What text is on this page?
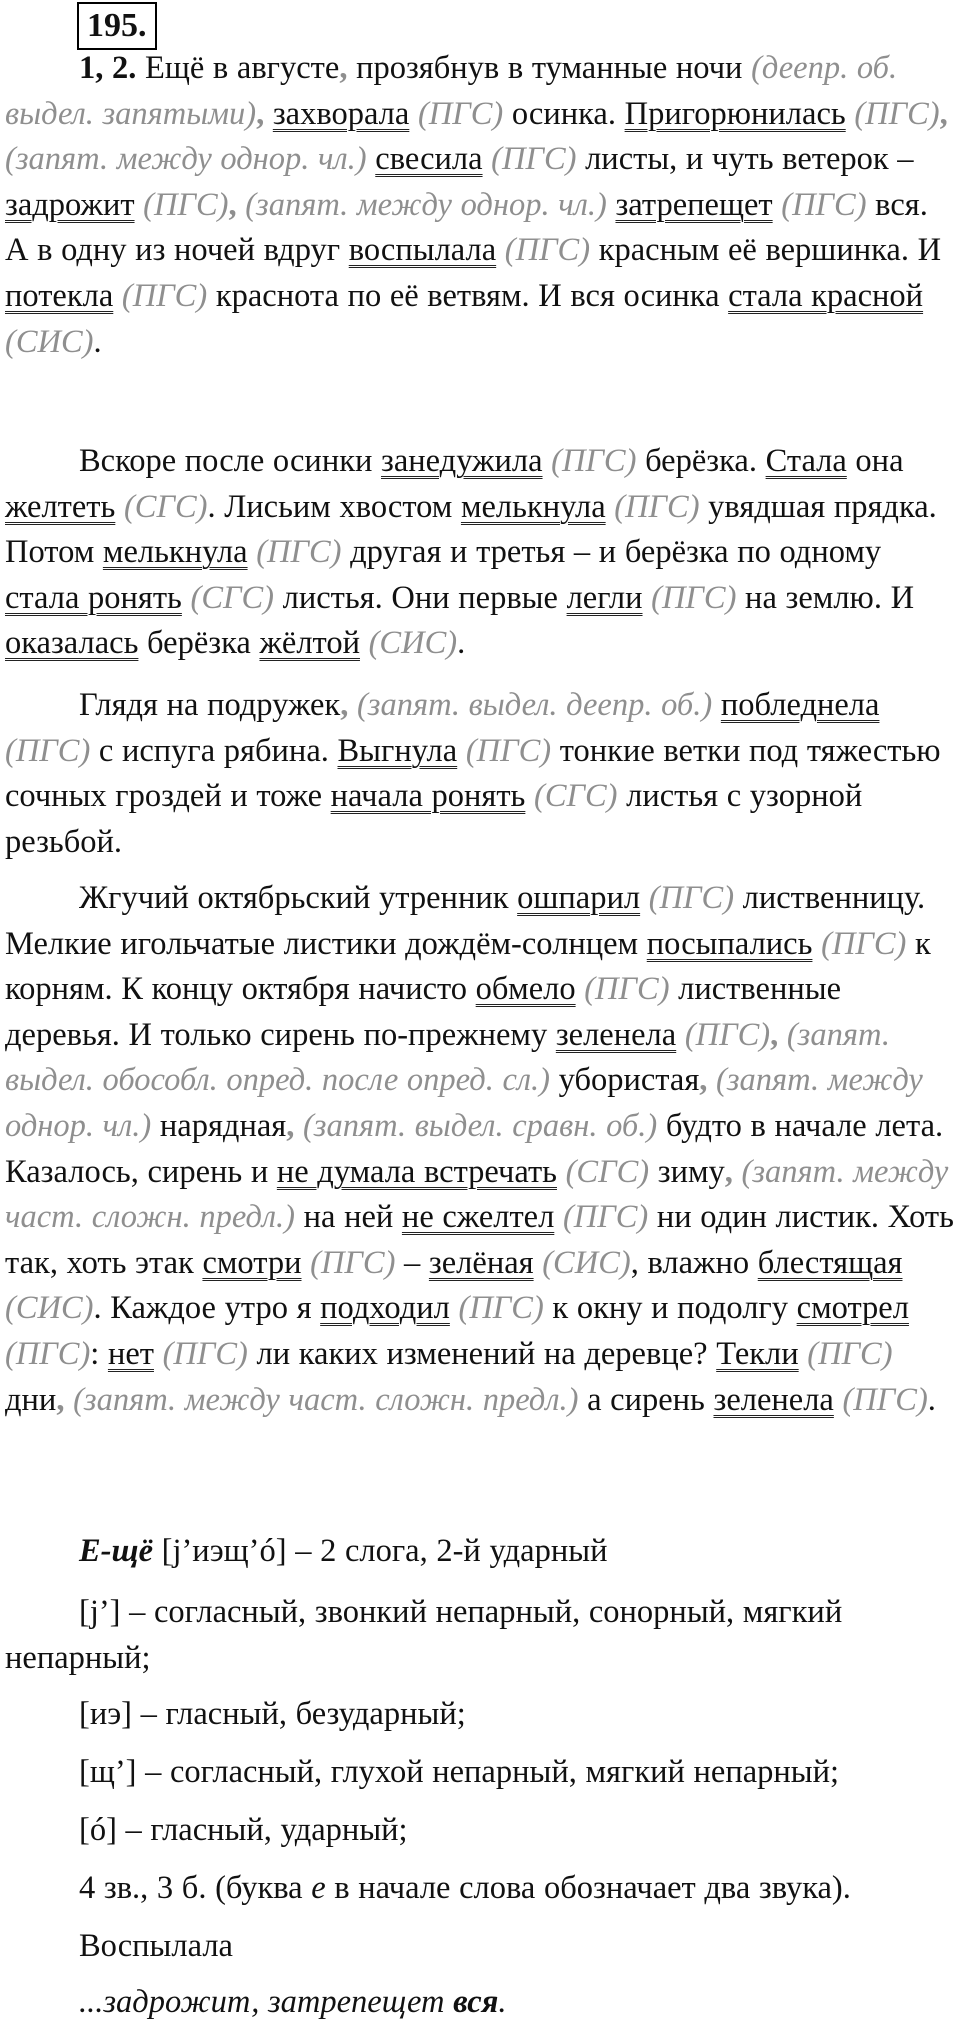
195.

1, 2. Ещё в августе, прозябнув в туманные ночи (деепр. об. выдел. запятыми), захворала (ПГС) осинка. Пригорюнилась (ПГС), (запят. между однор. чл.) свесила (ПГС) листы, и чуть ветерок – задрожит (ПГС), (запят. между однор. чл.) затрепещет (ПГС) вся. А в одну из ночей вдруг воспылала (ПГС) красным её вершинка. И потекла (ПГС) краснота по её ветвям. И вся осинка стала красной (СИС).

Вскоре после осинки занедужила (ПГС) берёзка. Стала она желтеть (СГС). Лисьим хвостом мелькнула (ПГС) увядшая прядка. Потом мелькнула (ПГС) другая и третья – и берёзка по одному стала ронять (СГС) листья. Они первые легли (ПГС) на землю. И оказалась берёзка жёлтой (СИС).

Глядя на подружек, (запят. выдел. деепр. об.) побледнела (ПГС) с испуга рябина. Выгнула (ПГС) тонкие ветки под тяжестью сочных гроздей и тоже начала ронять (СГС) листья с узорной резьбой.

Жгучий октябрьский утренник ошпарил (ПГС) лиственницу. Мелкие игольчатые листики дождём-солнцем посыпались (ПГС) к корням. К концу октября начисто обмело (ПГС) лиственные деревья. И только сирень по-прежнему зеленела (ПГС), (запят. выдел. обособл. опред. после опред. сл.) убористая, (запят. между однор. чл.) нарядная, (запят. выдел. сравн. об.) будто в начале лета. Казалось, сирень и не думала встречать (СГС) зиму, (запят. между част. сложн. предл.) на ней не сжелтел (ПГС) ни один листик. Хоть так, хоть этак смотри (ПГС) – зелёная (СИС), влажно блестящая (СИС). Каждое утро я подходил (ПГС) к окну и подолгу смотрел (ПГС): нет (ПГС) ли каких изменений на деревце? Текли (ПГС) дни, (запят. между част. сложн. предл.) а сирень зеленела (ПГС).

Е-щё [j’иэщ’ó] – 2 слога, 2-й ударный

[j’] – согласный, звонкий непарный, сонорный, мягкий непарный;

[иэ] – гласный, безударный;

[щ’] – согласный, глухой непарный, мягкий непарный;

[ó] – гласный, ударный;

4 зв., 3 б. (буква е в начале слова обозначает два звука).

Воспылала

...задрожит, затрепещет вся.
